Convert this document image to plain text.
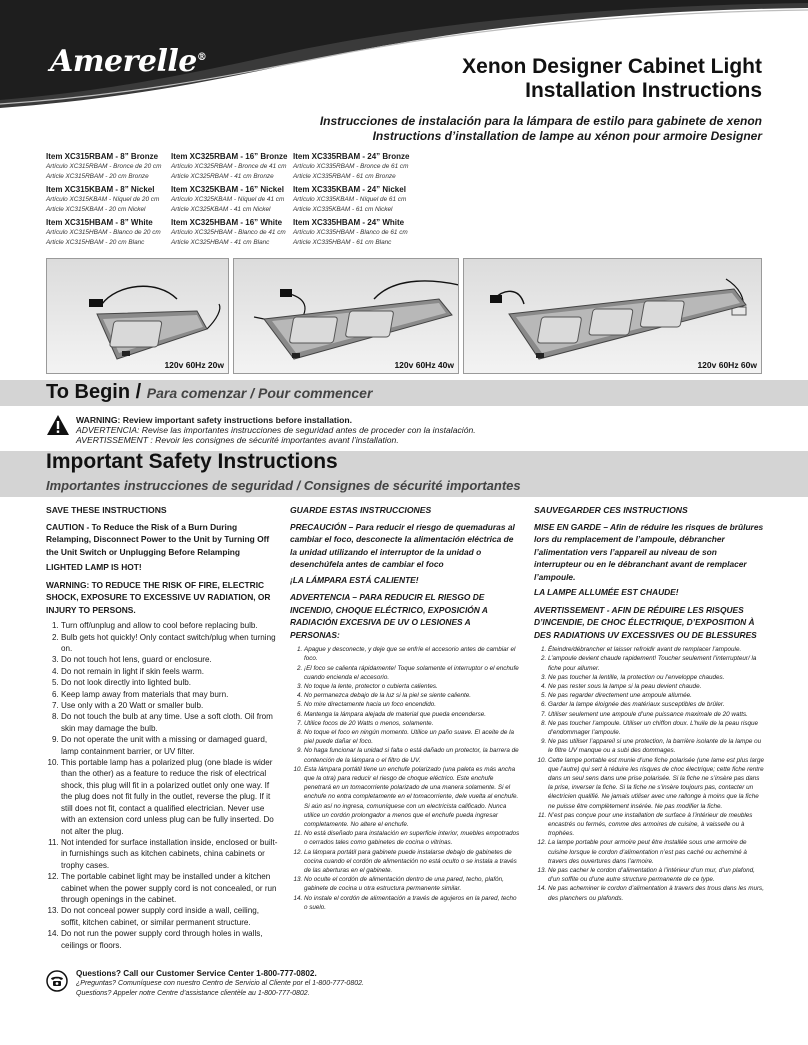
Amerelle®	Xenon Designer Cabinet Light
Installation Instructions
Instrucciones de instalación para la lámpara de estilo para gabinete de xenon
Instructions d’installation de lampe au xénon pour armoire Designer
Item XC315RBAM - 8” Bronze
Artículo XC315RBAM - Bronce de 20 cm
Article XC315RBAM - 20 cm Bronze
Item XC315KBAM - 8” Nickel
Artículo XC315KBAM - Níquel de 20 cm
Article XC315KBAM - 20 cm Nickel
Item XC315HBAM - 8” White
Artículo XC315HBAM - Blanco de 20 cm
Article XC315HBAM - 20 cm Blanc
Item XC325RBAM - 16” Bronze
Artículo XC325RBAM - Bronce de 41 cm
Article XC325RBAM - 41 cm Bronze
Item XC325KBAM - 16” Nickel
Artículo XC325KBAM - Níquel de 41 cm
Article XC325KBAM - 41 cm Nickel
Item XC325HBAM - 16” White
Artículo XC325HBAM - Blanco de 41 cm
Article XC325HBAM - 41 cm Blanc
Item XC335RBAM - 24” Bronze
Artículo XC335RBAM - Bronce de 61 cm
Article XC335RBAM - 61 cm Bronze
Item XC335KBAM - 24” Nickel
Artículo XC335KBAM - Níquel de 61 cm
Article XC335KBAM - 61 cm Nickel
Item XC335HBAM - 24” White
Artículo XC335HBAM - Blanco de 61 cm
Article XC335HBAM - 61 cm Blanc
120v 60Hz 20w	120v 60Hz 40w	120v 60Hz 60w
To Begin / Para comenzar / Pour commencer
WARNING: Review important safety instructions before installation.
ADVERTENCIA: Revise las importantes instrucciones de seguridad antes de proceder con la instalación.
AVERTISSEMENT : Revoir les consignes de sécurité importantes avant l’installation.
Important Safety Instructions
Importantes instrucciones de seguridad / Consignes de sécurité importantes
SAVE THESE INSTRUCTIONS
CAUTION - To Reduce the Risk of a Burn During Relamping, Disconnect Power to the Unit by Turning Off the Unit Switch or Unplugging Before Relamping
LIGHTED LAMP IS HOT!
WARNING: TO REDUCE THE RISK OF FIRE, ELECTRIC SHOCK, EXPOSURE TO EXCESSIVE UV RADIATION, OR INJURY TO PERSONS.
1. Turn off/unplug and allow to cool before replacing bulb.
2. Bulb gets hot quickly! Only contact switch/plug when turning on.
3. Do not touch hot lens, guard or enclosure.
4. Do not remain in light if skin feels warm.
5. Do not look directly into lighted bulb.
6. Keep lamp away from materials that may burn.
7. Use only with a 20 Watt or smaller bulb.
8. Do not touch the bulb at any time. Use a soft cloth. Oil from skin may damage the bulb.
9. Do not operate the unit with a missing or damaged guard, lamp containment barrier, or UV filter.
10. This portable lamp has a polarized plug (one blade is wider than the other) as a feature to reduce the risk of electrical shock, this plug will fit in a polarized outlet only one way. If the plug does not fit fully in the outlet, reverse the plug. If it still does not fit, contact a qualified electrician. Never use with an extension cord unless plug can be fully inserted. Do not alter the plug.
11. Not intended for surface installation inside, enclosed or built-in furnishings such as kitchen cabinets, china cabinets or trophy cases.
12. The portable cabinet light may be installed under a kitchen cabinet when the power supply cord is not concealed, or run through openings in the cabinet.
13. Do not conceal power supply cord inside a wall, ceiling, soffit, kitchen cabinet, or similar permanent structure.
14. Do not run the power supply cord through holes in walls, ceilings or floors.
GUARDE ESTAS INSTRUCCIONES
PRECAUCIÓN – Para reducir el riesgo de quemaduras al cambiar el foco, desconecte la alimentación eléctrica de la unidad utilizando el interruptor de la unidad o desenchúfela antes de cambiar el foco
¡LA LÁMPARA ESTÁ CALIENTE!
ADVERTENCIA – PARA REDUCIR EL RIESGO DE INCENDIO, CHOQUE ELÉCTRICO, EXPOSICIÓN A RADIACIÓN EXCESIVA DE UV O LESIONES A PERSONAS:
1. Apague y desconecte, y deje que se enfríe el accesorio antes de cambiar el foco.
2. ¡El foco se calienta rápidamente! Toque solamente el interruptor o el enchufe cuando encienda el accesorio.
3. No toque la lente, protector o cubierta calientes.
4. No permanezca debajo de la luz si la piel se siente caliente.
5. No mire directamente hacia un foco encendido.
6. Mantenga la lámpara alejada de material que pueda encenderse.
7. Utilice focos de 20 Watts o menos, solamente.
8. No toque el foco en ningún momento. Utilice un paño suave. El aceite de la piel puede dañar el foco.
9. No haga funcionar la unidad si falta o está dañado un protector, la barrera de contención de la lámpara o el filtro de UV.
10. Esta lámpara portátil tiene un enchufe polarizado (una paleta es más ancha que la otra) para reducir el riesgo de choque eléctrico. Este enchufe penetrará en un tomacorriente polarizado de una manera solamente. Si el enchufe no entra completamente en el tomacorriente, dele vuelta al enchufe. Si aún así no ingresa, comuníquese con un electricista calificado. Nunca utilice un cordón prolongador a menos que el enchufe pueda ingresar completamente. No altere el enchufe.
11. No está diseñado para instalación en superficie interior, muebles empotrados o cerrados tales como gabinetes de cocina o vitrinas.
12. La lámpara portátil para gabinete puede instalarse debajo de gabinetes de cocina cuando el cordón de alimentación no está oculto o se instala a través de las aberturas en el gabinete.
13. No oculte el cordón de alimentación dentro de una pared, techo, plafón, gabinete de cocina u otra estructura permanente similar.
14. No instale el cordón de alimentación a través de agujeros en la pared, techo o suelo.
SAUVEGARDER CES INSTRUCTIONS
MISE EN GARDE – Afin de réduire les risques de brûlures lors du remplacement de l’ampoule, débrancher l’alimentation vers l’appareil au niveau de son interrupteur ou en le débranchant avant de remplacer l’ampoule.
LA LAMPE ALLUMÉE EST CHAUDE!
AVERTISSEMENT - AFIN DE RÉDUIRE LES RISQUES D’INCENDIE, DE CHOC ÉLECTRIQUE, D’EXPOSITION À DES RADIATIONS UV EXCESSIVES OU DE BLESSURES
1. Éteindre/débrancher et laisser refroidir avant de remplacer l’ampoule.
2. L’ampoule devient chaude rapidement! Toucher seulement l’interrupteur/ la fiche pour allumer.
3. Ne pas toucher la lentille, la protection ou l’enveloppe chaudes.
4. Ne pas rester sous la lampe si la peau devient chaude.
5. Ne pas regarder directement une ampoule allumée.
6. Garder la lampe éloignée des matériaux susceptibles de brûler.
7. Utiliser seulement une ampoule d’une puissance maximale de 20 watts.
8. Ne pas toucher l’ampoule. Utiliser un chiffon doux. L’huile de la peau risque d’endommager l’ampoule.
9. Ne pas utiliser l’appareil si une protection, la barrière isolante de la lampe ou le filtre UV manque ou a subi des dommages.
10. Cette lampe portable est munie d’une fiche polarisée (une lame est plus large que l’autre) qui sert à réduire les risques de choc électrique; cette fiche rentre dans un seul sens dans une prise polarisée. Si la fiche ne s’insère pas dans la prise, inverser la fiche. Si la fiche ne s’insère toujours pas, contacter un électricien qualifié. Ne jamais utiliser avec une rallonge à moins que la fiche ne puisse être complètement insérée. Ne pas modifier la fiche.
11. N’est pas conçue pour une installation de surface à l’intérieur de meubles encastrés ou fermés, comme des armoires de cuisine, à vaisselle ou à trophées.
12. La lampe portable pour armoire peut être installée sous une armoire de cuisine lorsque le cordon d’alimentation n’est pas caché ou acheminé à travers des ouvertures dans l’armoire.
13. Ne pas cacher le cordon d’alimentation à l’intérieur d’un mur, d’un plafond, d’un soffite ou d’une autre structure permanente de ce type.
14. Ne pas acheminer le cordon d’alimentation à travers des trous dans les murs, des planchers ou plafonds.
Questions? Call our Customer Service Center 1-800-777-0802.
¿Preguntas? Comuníquese con nuestro Centro de Servicio al Cliente por el 1-800-777-0802.
Questions? Appeler notre Centre d’assistance clientèle au 1-800-777-0802.
